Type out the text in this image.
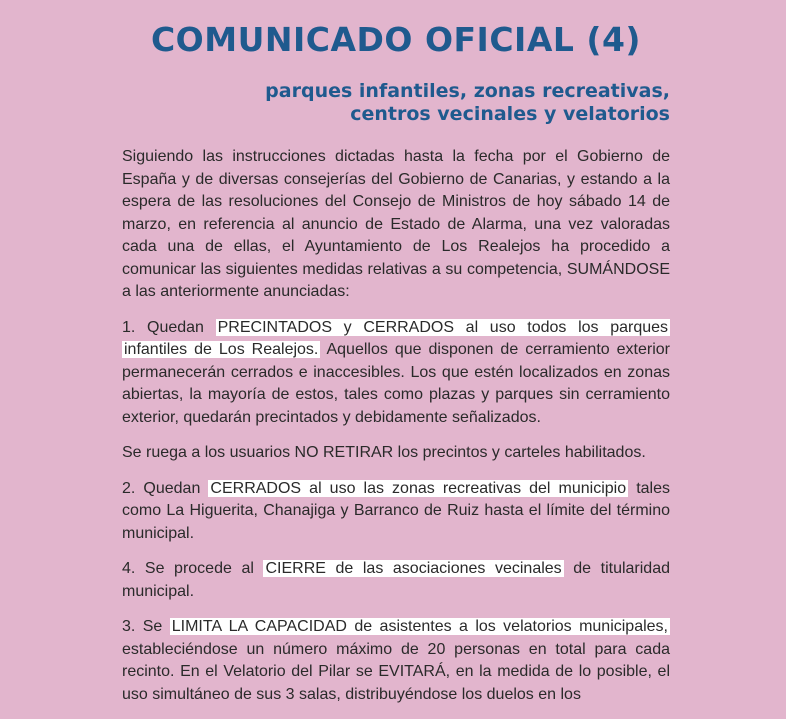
COMUNICADO OFICIAL (4)
parques infantiles, zonas recreativas,
centros vecinales y velatorios

Siguiendo las instrucciones dictadas hasta la fecha por el Gobierno de España y de diversas consejerías del Gobierno de Canarias, y estando a la espera de las resoluciones del Consejo de Ministros de hoy sábado 14 de marzo, en referencia al anuncio de Estado de Alarma, una vez valoradas cada una de ellas, el Ayuntamiento de Los Realejos ha procedido a comunicar las siguientes medidas relativas a su competencia, SUMÁNDOSE a las anteriormente anunciadas:

1. Quedan PRECINTADOS y CERRADOS al uso todos los parques infantiles de Los Realejos. Aquellos que disponen de cerramiento exterior permanecerán cerrados e inaccesibles. Los que estén localizados en zonas abiertas, la mayoría de estos, tales como plazas y parques sin cerramiento exterior, quedarán precintados y debidamente señalizados.

Se ruega a los usuarios NO RETIRAR los precintos y carteles habilitados.

2. Quedan CERRADOS al uso las zonas recreativas del municipio tales como La Higuerita, Chanajiga y Barranco de Ruiz hasta el límite del término municipal.

4. Se procede al CIERRE de las asociaciones vecinales de titularidad municipal.

3. Se LIMITA LA CAPACIDAD de asistentes a los velatorios municipales, estableciéndose un número máximo de 20 personas en total para cada recinto. En el Velatorio del Pilar se EVITARÁ, en la medida de lo posible, el uso simultáneo de sus 3 salas, distribuyéndose los duelos en los
